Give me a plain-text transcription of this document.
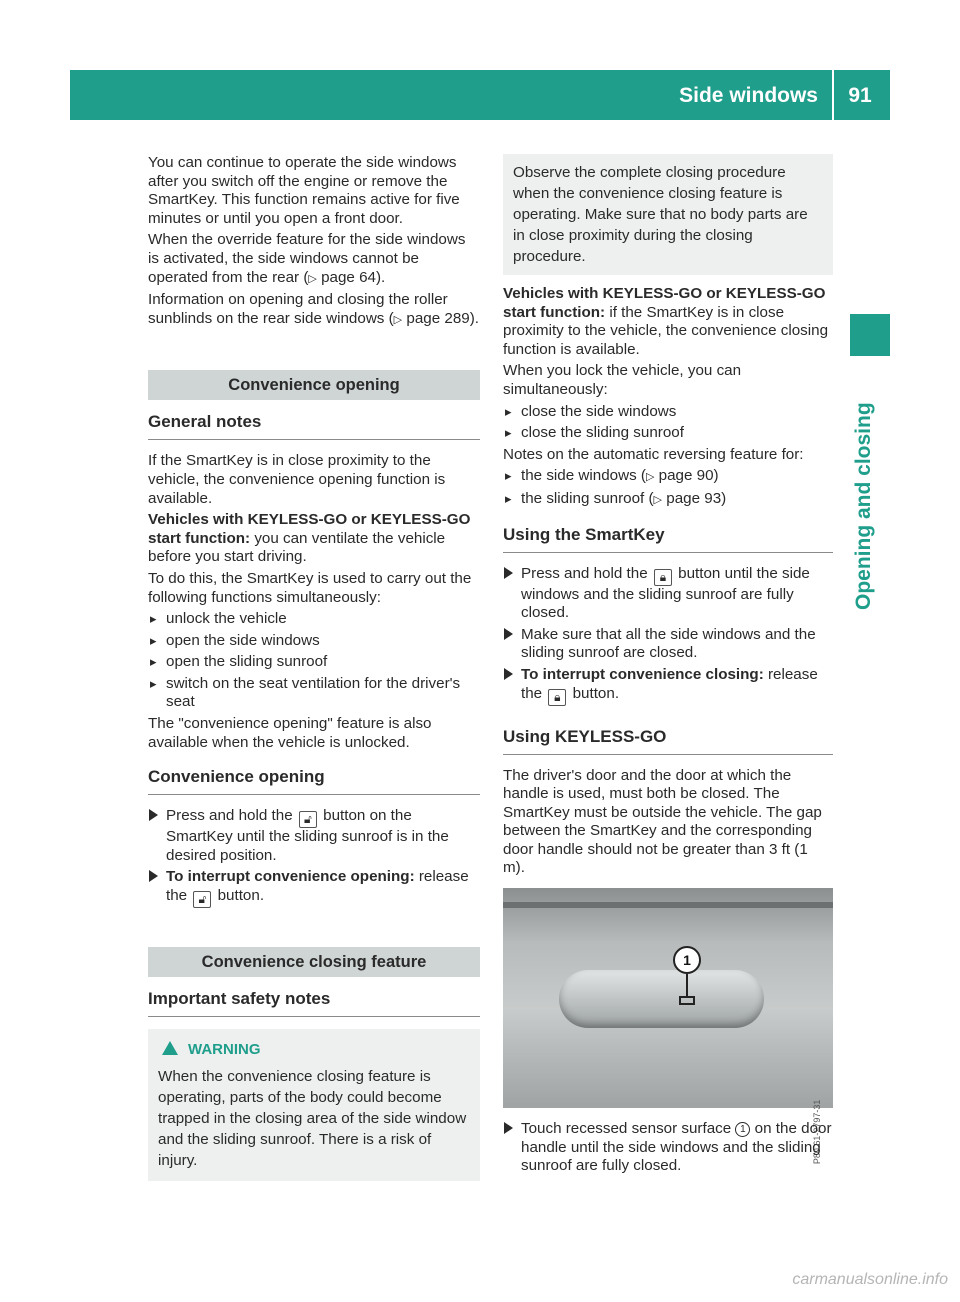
Side windows	91
Opening and closing

You can continue to operate the side windows after you switch off the engine or remove the SmartKey. This function remains active for five minutes or until you open a front door.

When the override feature for the side windows is activated, the side windows cannot be operated from the rear (▷ page 64).

Information on opening and closing the roller sunblinds on the rear side windows (▷ page 289).

Convenience opening
General notes

If the SmartKey is in close proximity to the vehicle, the convenience opening function is available.

Vehicles with KEYLESS-GO or KEYLESS-GO start function: you can ventilate the vehicle before you start driving.

To do this, the SmartKey is used to carry out the following functions simultaneously:

▸ unlock the vehicle
▸ open the side windows
▸ open the sliding sunroof
▸ switch on the seat ventilation for the driver's seat

The "convenience opening" feature is also available when the vehicle is unlocked.

Convenience opening
Press and hold the 🔓︎ button on the SmartKey until the sliding sunroof is in the desired position.
To interrupt convenience opening: release the 🔓︎ button.
Convenience closing feature
Important safety notes
WARNING
When the convenience closing feature is operating, parts of the body could become trapped in the closing area of the side window and the sliding sunroof. There is a risk of injury.
Observe the complete closing procedure when the convenience closing feature is operating. Make sure that no body parts are in close proximity during the closing procedure.

Vehicles with KEYLESS-GO or KEYLESS-GO start function: if the SmartKey is in close proximity to the vehicle, the convenience closing function is available.

When you lock the vehicle, you can simultaneously:

▸ close the side windows
▸ close the sliding sunroof

Notes on the automatic reversing feature for:

▸ the side windows (▷ page 90)
▸ the sliding sunroof (▷ page 93)
Using the SmartKey
Press and hold the 🔒︎ button until the side windows and the sliding sunroof are fully closed.
Make sure that all the side windows and the sliding sunroof are closed.
To interrupt convenience closing: release the 🔒︎ button.
Using KEYLESS-GO

The driver's door and the door at which the handle is used, must both be closed. The SmartKey must be outside the vehicle. The gap between the SmartKey and the corresponding door handle should not be greater than 3 ft (1 m).

1
P80.61-2797-31
Touch recessed sensor surface 1 on the door handle until the side windows and the sliding sunroof are fully closed.
carmanualsonline.info
